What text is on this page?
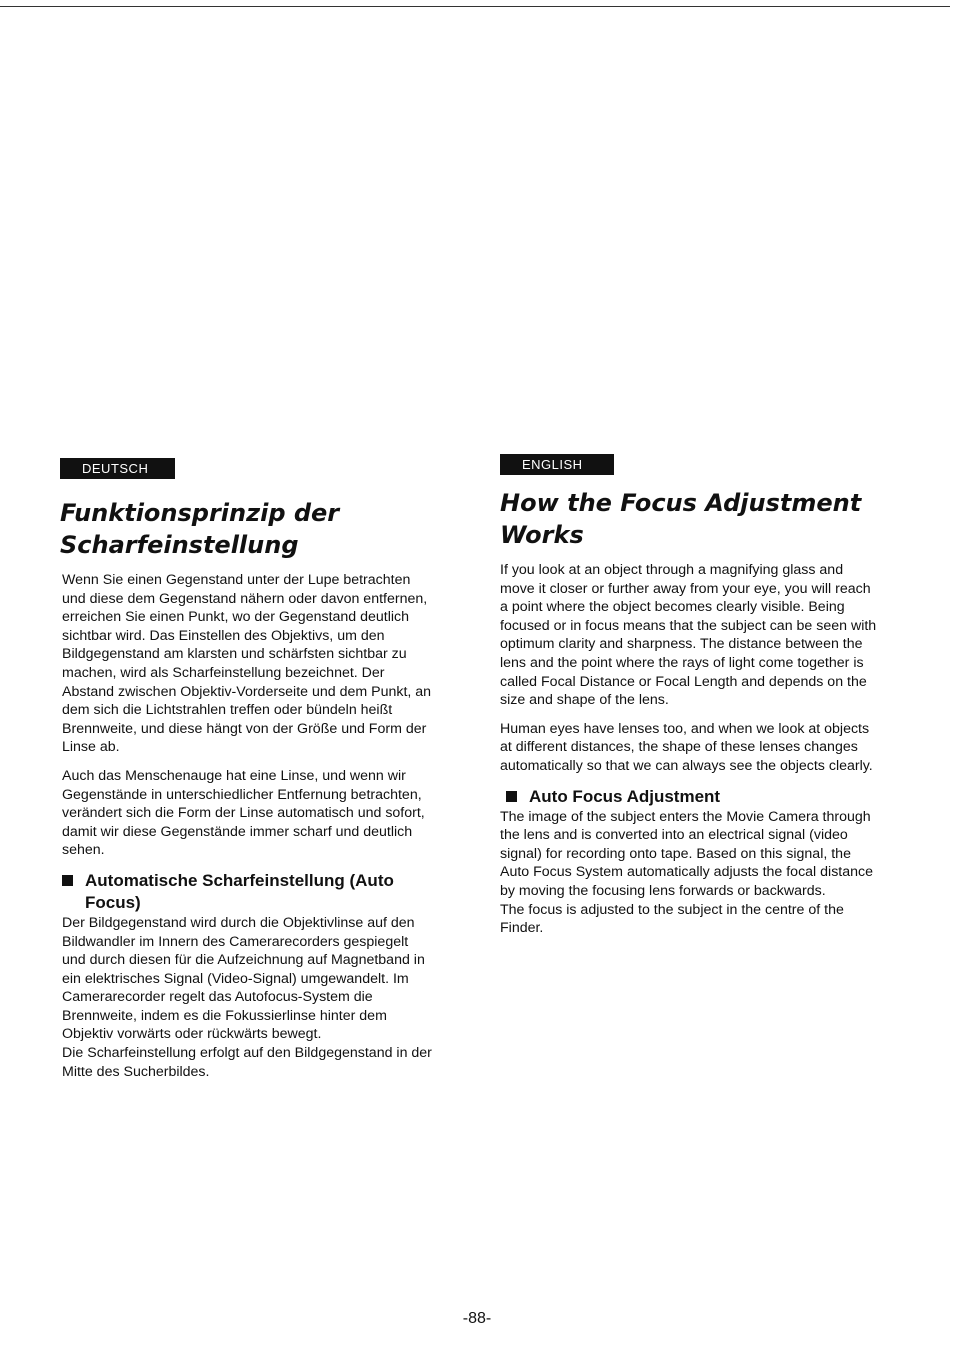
DEUTSCH
Funktionsprinzip der Scharfeinstellung

Wenn Sie einen Gegenstand unter der Lupe betrachten und diese dem Gegenstand nähern oder davon entfernen, erreichen Sie einen Punkt, wo der Gegenstand deutlich sichtbar wird. Das Einstellen des Objektivs, um den Bildgegenstand am klarsten und schärfsten sichtbar zu machen, wird als Scharfeinstellung bezeichnet. Der Abstand zwischen Objektiv-Vorderseite und dem Punkt, an dem sich die Lichtstrahlen treffen oder bündeln heißt Brennweite, und diese hängt von der Größe und Form der Linse ab.

Auch das Menschenauge hat eine Linse, und wenn wir Gegenstände in unterschiedlicher Entfernung betrachten, verändert sich die Form der Linse automatisch und sofort, damit wir diese Gegenstände immer scharf und deutlich sehen.

Automatische Scharfeinstellung (Auto Focus)

Der Bildgegenstand wird durch die Objektivlinse auf den Bildwandler im Innern des Camerarecorders gespiegelt und durch diesen für die Aufzeichnung auf Magnetband in ein elektrisches Signal (Video-Signal) umgewandelt. Im Camerarecorder regelt das Autofocus-System die Brennweite, indem es die Fokussierlinse hinter dem Objektiv vorwärts oder rückwärts bewegt.

Die Scharfeinstellung erfolgt auf den Bildgegenstand in der Mitte des Sucherbildes.

ENGLISH
How the Focus Adjustment Works

If you look at an object through a magnifying glass and move it closer or further away from your eye, you will reach a point where the object becomes clearly visible. Being focused or in focus means that the subject can be seen with optimum clarity and sharpness. The distance between the lens and the point where the rays of light come together is called Focal Distance or Focal Length and depends on the size and shape of the lens.

Human eyes have lenses too, and when we look at objects at different distances, the shape of these lenses changes automatically so that we can always see the objects clearly.

Auto Focus Adjustment

The image of the subject enters the Movie Camera through the lens and is converted into an electrical signal (video signal) for recording onto tape. Based on this signal, the Auto Focus System automatically adjusts the focal distance by moving the focusing lens forwards or backwards.

The focus is adjusted to the subject in the centre of the Finder.

-88-
